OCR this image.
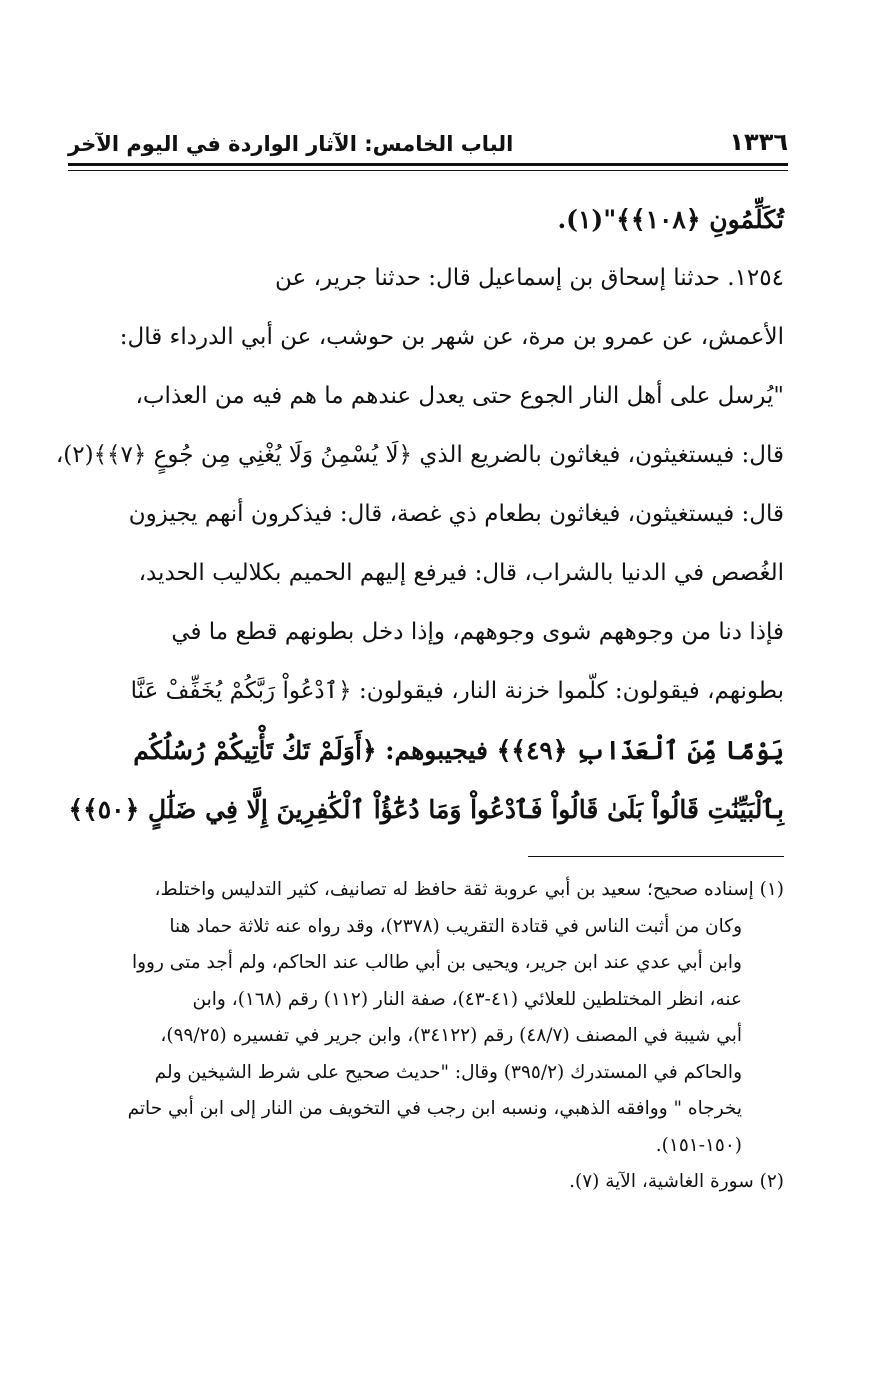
١٣٣٦
الباب الخامس: الآثار الواردة في اليوم الآخر
تُكَلِّمُونِ ﴿١٠٨﴾﴾"(١).
١٢٥٤. حدثنا إسحاق بن إسماعيل قال: حدثنا جرير، عن
الأعمش، عن عمرو بن مرة، عن شهر بن حوشب، عن أبي الدرداء قال:
"يُرسل على أهل النار الجوع حتى يعدل عندهم ما هم فيه من العذاب،
قال: فيستغيثون، فيغاثون بالضريع الذي ﴿لَا يُسْمِنُ وَلَا يُغْنِي مِن جُوعٍ ﴿٧﴾﴾(٢)،
قال: فيستغيثون، فيغاثون بطعام ذي غصة، قال: فيذكرون أنهم يجيزون
الغُصص في الدنيا بالشراب، قال: فيرفع إليهم الحميم بكلاليب الحديد،
فإذا دنا من وجوههم شوى وجوههم، وإذا دخل بطونهم قطع ما في
بطونهم، فيقولون: كلّموا خزنة النار، فيقولون: ﴿ٱدْعُواْ رَبَّكُمْ يُخَفِّفْ عَنَّا
يَوْمًا مِّنَ ٱلْعَذَابِ ﴿٤٩﴾﴾ فيجيبوهم: ﴿أَوَلَمْ تَكُ تَأْتِيكُمْ رُسُلُكُم
بِٱلْبَيِّنَٰتِ قَالُواْ بَلَىٰ قَالُواْ فَٱدْعُواْ وَمَا دُعَٰٓؤُاْ ٱلْكَٰفِرِينَ إِلَّا فِي ضَلَٰلٍ ﴿٥٠﴾﴾
(١) إسناده صحيح؛ سعيد بن أبي عروبة ثقة حافظ له تصانيف، كثير التدليس واختلط،
وكان من أثبت الناس في قتادة التقريب (٢٣٧٨)، وقد رواه عنه ثلاثة حماد هنا
وابن أبي عدي عند ابن جرير، ويحيى بن أبي طالب عند الحاكم، ولم أجد متى رووا
عنه، انظر المختلطين للعلائي (٤١-٤٣)، صفة النار (١١٢) رقم (١٦٨)، وابن
أبي شيبة في المصنف (٤٨/٧) رقم (٣٤١٢٢)، وابن جرير في تفسيره (٩٩/٢٥)،
والحاكم في المستدرك (٣٩٥/٢) وقال: "حديث صحيح على شرط الشيخين ولم
يخرجاه " ووافقه الذهبي، ونسبه ابن رجب في التخويف من النار إلى ابن أبي حاتم
(١٥٠-١٥١).
(٢) سورة الغاشية، الآية (٧).
